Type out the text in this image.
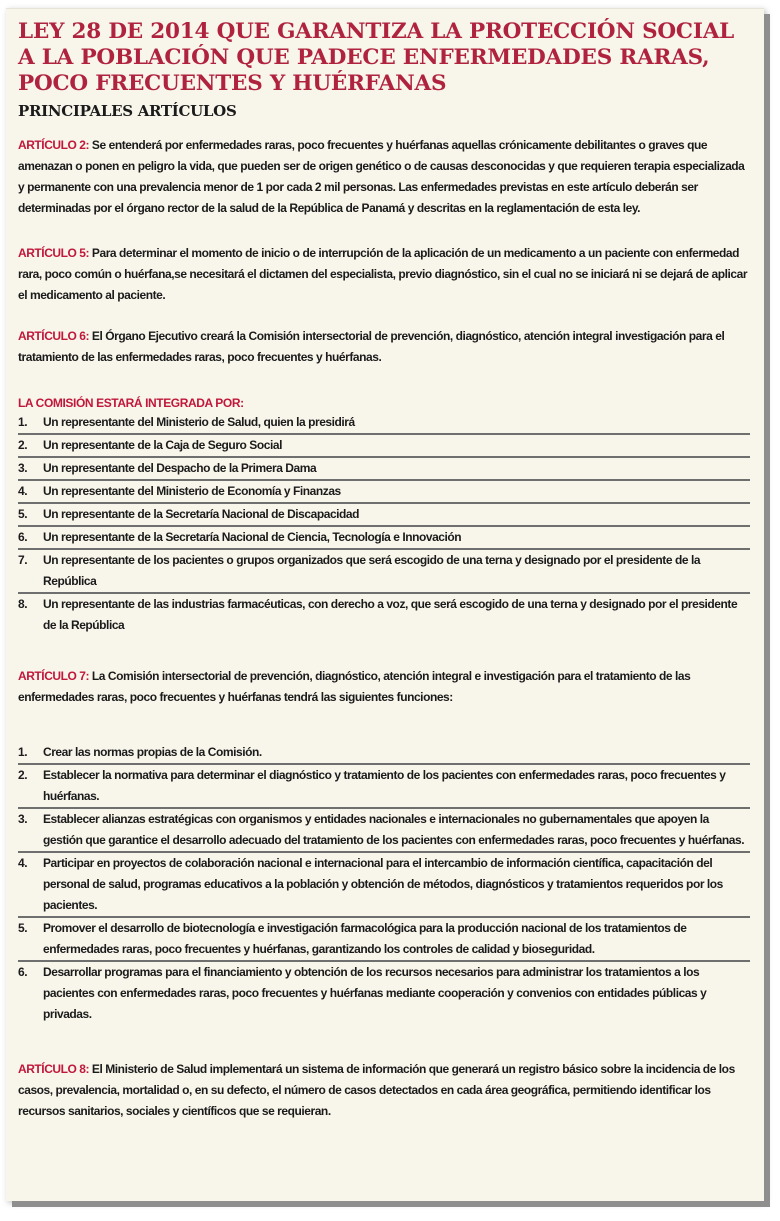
LEY 28 DE 2014 QUE GARANTIZA LA PROTECCIÓN SOCIAL A LA POBLACIÓN QUE PADECE ENFERMEDADES RARAS, POCO FRECUENTES Y HUÉRFANAS
PRINCIPALES ARTÍCULOS

ARTÍCULO 2: Se entenderá por enfermedades raras, poco frecuentes y huérfanas aquellas crónicamente debilitantes o graves que amenazan o ponen en peligro la vida, que pueden ser de origen genético o de causas desconocidas y que requieren terapia especializada y permanente con una prevalencia menor de 1 por cada 2 mil personas. Las enfermedades previstas en este artículo deberán ser determinadas por el órgano rector de la salud de la República de Panamá y descritas en la reglamentación de esta ley.

ARTÍCULO 5: Para determinar el momento de inicio o de interrupción de la aplicación de un medicamento a un paciente con enfermedad rara, poco común o huérfana,se necesitará el dictamen del especialista, previo diagnóstico, sin el cual no se iniciará ni se dejará de aplicar el medicamento al paciente.

ARTÍCULO 6: El Órgano Ejecutivo creará la Comisión intersectorial de prevención, diagnóstico, atención integral investigación para el tratamiento de las enfermedades raras, poco frecuentes y huérfanas.

LA COMISIÓN ESTARÁ INTEGRADA POR:
1. Un representante del Ministerio de Salud, quien la presidirá
2. Un representante de la Caja de Seguro Social
3. Un representante del Despacho de la Primera Dama
4. Un representante del Ministerio de Economía y Finanzas
5. Un representante de la Secretaría Nacional de Discapacidad
6. Un representante de la Secretaría Nacional de Ciencia, Tecnología e Innovación
7. Un representante de los pacientes o grupos organizados que será escogido de una terna y designado por el presidente de la República
8. Un representante de las industrias farmacéuticas, con derecho a voz, que será escogido de una terna y designado por el presidente de la República

ARTÍCULO 7: La Comisión intersectorial de prevención, diagnóstico, atención integral e investigación para el tratamiento de las enfermedades raras, poco frecuentes y huérfanas tendrá las siguientes funciones:

1. Crear las normas propias de la Comisión.
2. Establecer la normativa para determinar el diagnóstico y tratamiento de los pacientes con enfermedades raras, poco frecuentes y huérfanas.
3. Establecer alianzas estratégicas con organismos y entidades nacionales e internacionales no gubernamentales que apoyen la gestión que garantice el desarrollo adecuado del tratamiento de los pacientes con enfermedades raras, poco frecuentes y huérfanas.
4. Participar en proyectos de colaboración nacional e internacional para el intercambio de información científica, capacitación del personal de salud, programas educativos a la población y obtención de métodos, diagnósticos y tratamientos requeridos por los pacientes.
5. Promover el desarrollo de biotecnología e investigación farmacológica para la producción nacional de los tratamientos de enfermedades raras, poco frecuentes y huérfanas, garantizando los controles de calidad y bioseguridad.
6. Desarrollar programas para el financiamiento y obtención de los recursos necesarios para administrar los tratamientos a los pacientes con enfermedades raras, poco frecuentes y huérfanas mediante cooperación y convenios con entidades públicas y privadas.

ARTÍCULO 8: El Ministerio de Salud implementará un sistema de información que generará un registro básico sobre la incidencia de los casos, prevalencia, mortalidad o, en su defecto, el número de casos detectados en cada área geográfica, permitiendo identificar los recursos sanitarios, sociales y científicos que se requieran.
